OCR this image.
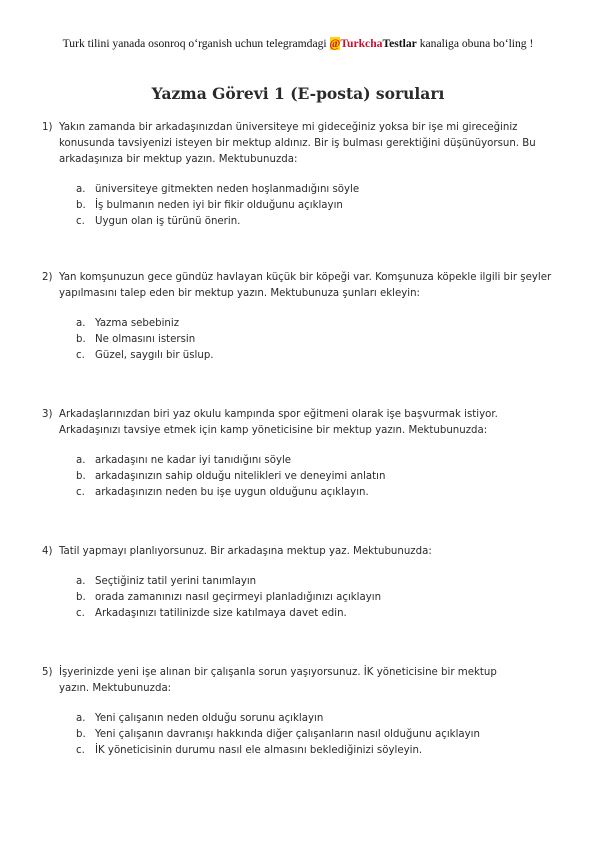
Turk tilini yanada osonroq o‘rganish uchun telegramdagi @TurkchaTestlar kanaliga obuna bo‘ling !
Yazma Görevi 1 (E-posta) soruları
1) Yakın zamanda bir arkadaşınızdan üniversiteye mi gideceğiniz yoksa bir işe mi gireceğiniz konusunda tavsiyenizi isteyen bir mektup aldınız. Bir iş bulması gerektiğini düşünüyorsun. Bu arkadaşınıza bir mektup yazın. Mektubunuzda:
a. üniversiteye gitmekten neden hoşlanmadığını söyle
b. İş bulmanın neden iyi bir fikir olduğunu açıklayın
c. Uygun olan iş türünü önerin.
2) Yan komşunuzun gece gündüz havlayan küçük bir köpeği var. Komşunuza köpekle ilgili bir şeyler yapılmasını talep eden bir mektup yazın. Mektubunuza şunları ekleyin:
a. Yazma sebebiniz
b. Ne olmasını istersin
c. Güzel, saygılı bir üslup.
3) Arkadaşlarınızdan biri yaz okulu kampında spor eğitmeni olarak işe başvurmak istiyor. Arkadaşınızı tavsiye etmek için kamp yöneticisine bir mektup yazın. Mektubunuzda:
a. arkadaşını ne kadar iyi tanıdığını söyle
b. arkadaşınızın sahip olduğu nitelikleri ve deneyimi anlatın
c. arkadaşınızın neden bu işe uygun olduğunu açıklayın.
4) Tatil yapmayı planlıyorsunuz. Bir arkadaşına mektup yaz. Mektubunuzda:
a. Seçtiğiniz tatil yerini tanımlayın
b. orada zamanınızı nasıl geçirmeyi planladığınızı açıklayın
c. Arkadaşınızı tatilinizde size katılmaya davet edin.
5) İşyerinizde yeni işe alınan bir çalışanla sorun yaşıyorsunuz. İK yöneticisine bir mektup
yazın. Mektubunuzda:
a. Yeni çalışanın neden olduğu sorunu açıklayın
b. Yeni çalışanın davranışı hakkında diğer çalışanların nasıl olduğunu açıklayın
c. İK yöneticisinin durumu nasıl ele almasını beklediğinizi söyleyin.
